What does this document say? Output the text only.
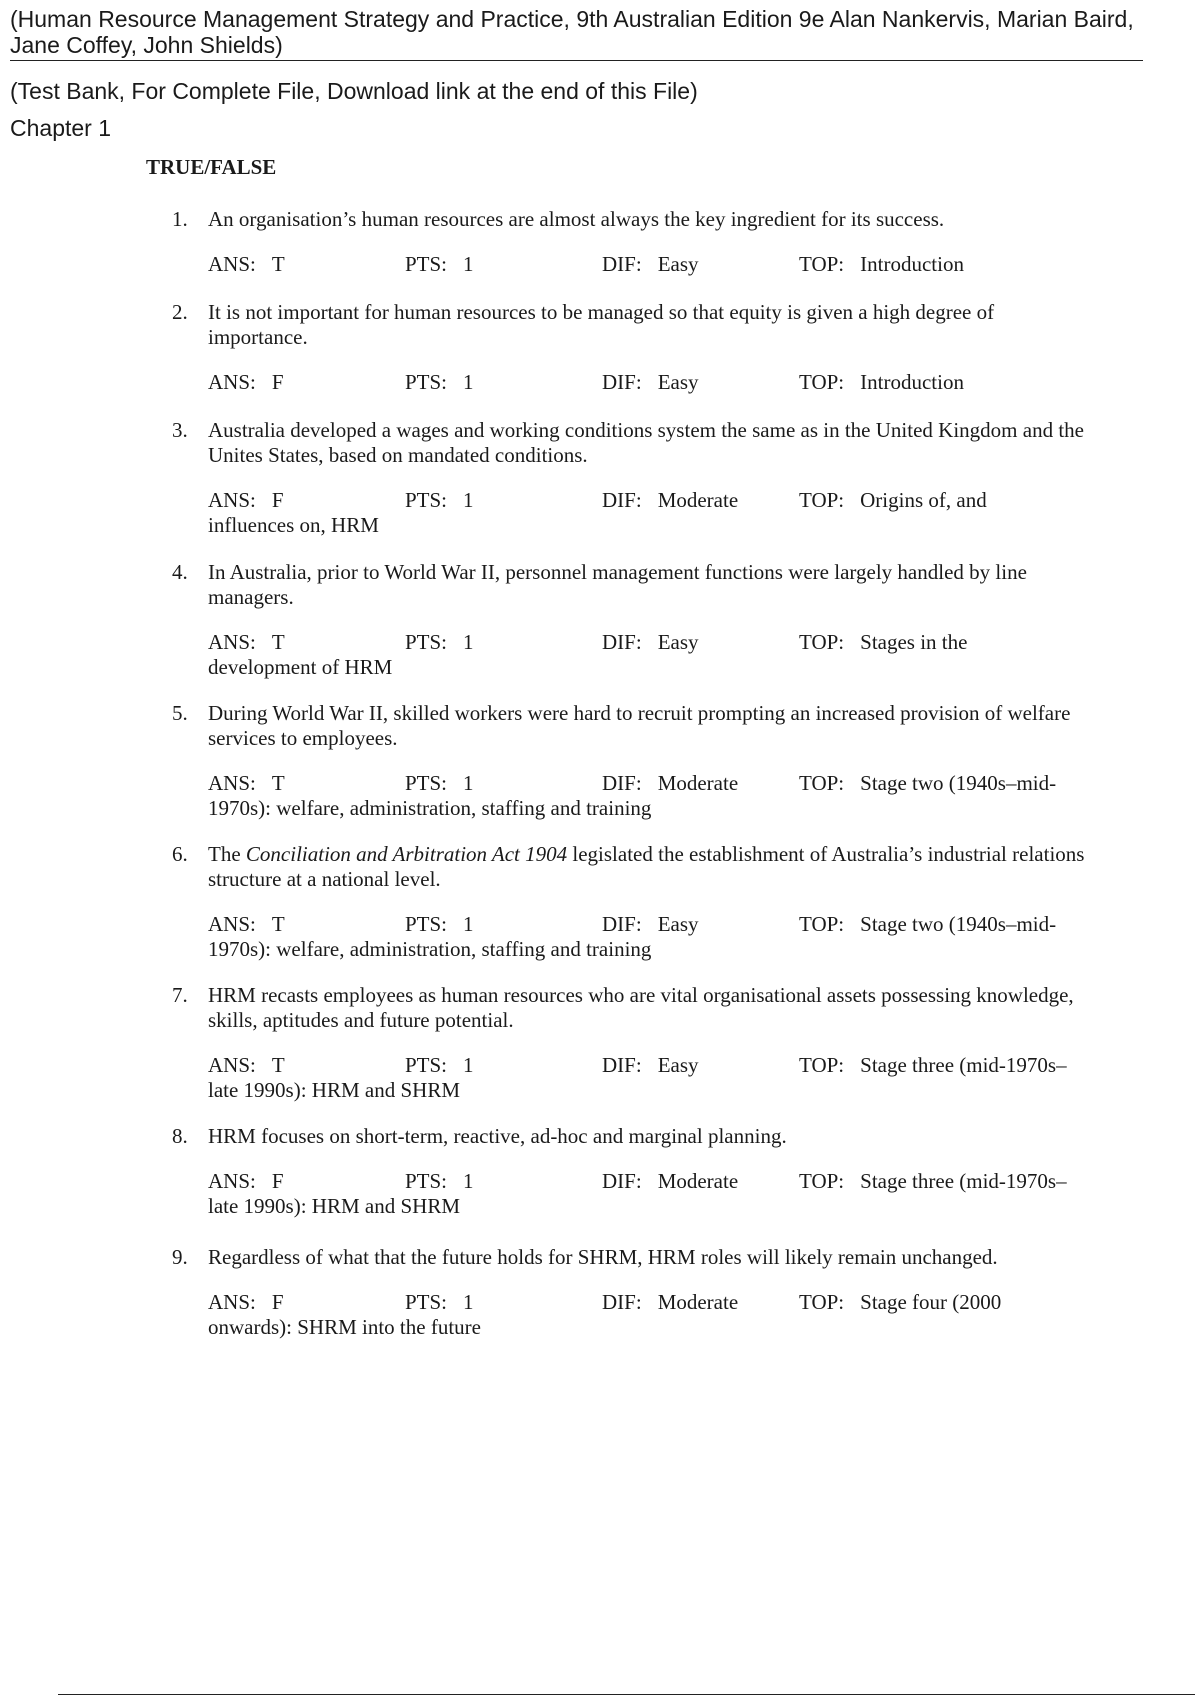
(Human Resource Management Strategy and Practice, 9th Australian Edition 9e Alan Nankervis, Marian Baird, Jane Coffey, John Shields)
(Test Bank, For Complete File, Download link at the end of this File)
Chapter 1
TRUE/FALSE
1. An organisation’s human resources are almost always the key ingredient for its success.
ANS: T	PTS: 1	DIF: Easy	TOP: Introduction
2. It is not important for human resources to be managed so that equity is given a high degree of importance.
ANS: F	PTS: 1	DIF: Easy	TOP: Introduction
3. Australia developed a wages and working conditions system the same as in the United Kingdom and the Unites States, based on mandated conditions.
ANS: F	PTS: 1	DIF: Moderate	TOP: Origins of, and
influences on, HRM
4. In Australia, prior to World War II, personnel management functions were largely handled by line managers.
ANS: T	PTS: 1	DIF: Easy	TOP: Stages in the
development of HRM
5. During World War II, skilled workers were hard to recruit prompting an increased provision of welfare services to employees.
ANS: T	PTS: 1	DIF: Moderate	TOP: Stage two (1940s–mid-
1970s): welfare, administration, staffing and training
6. The Conciliation and Arbitration Act 1904 legislated the establishment of Australia’s industrial relations structure at a national level.
ANS: T	PTS: 1	DIF: Easy	TOP: Stage two (1940s–mid-
1970s): welfare, administration, staffing and training
7. HRM recasts employees as human resources who are vital organisational assets possessing knowledge, skills, aptitudes and future potential.
ANS: T	PTS: 1	DIF: Easy	TOP: Stage three (mid-1970s–
late 1990s): HRM and SHRM
8. HRM focuses on short-term, reactive, ad-hoc and marginal planning.
ANS: F	PTS: 1	DIF: Moderate	TOP: Stage three (mid-1970s–
late 1990s): HRM and SHRM
9. Regardless of what that the future holds for SHRM, HRM roles will likely remain unchanged.
ANS: F	PTS: 1	DIF: Moderate	TOP: Stage four (2000
onwards): SHRM into the future
